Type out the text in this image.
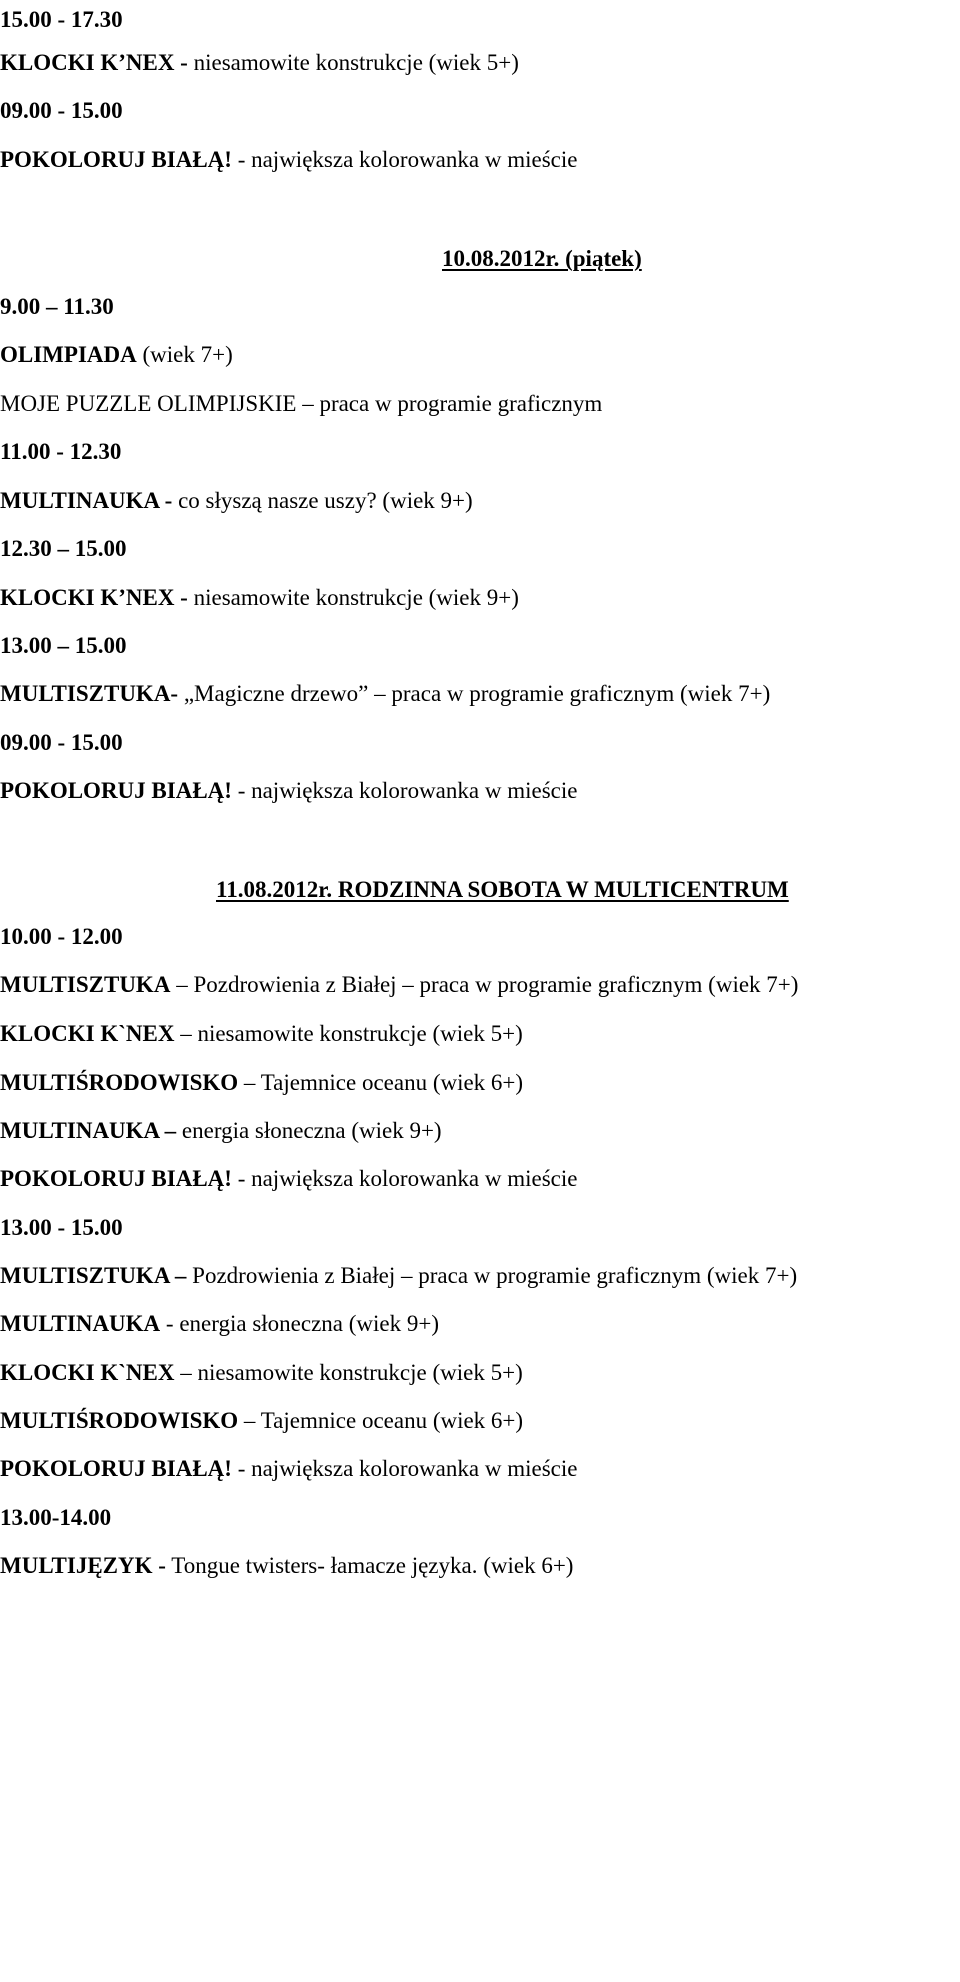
15.00 - 17.30
KLOCKI K’NEX - niesamowite konstrukcje (wiek 5+)
09.00 - 15.00
POKOLORUJ BIAŁĄ! - największa kolorowanka w mieście
10.08.2012r. (piątek)
9.00 – 11.30
OLIMPIADA (wiek 7+)
MOJE PUZZLE OLIMPIJSKIE – praca w programie graficznym
11.00 - 12.30
MULTINAUKA - co słyszą nasze uszy? (wiek 9+)
12.30 – 15.00
KLOCKI K’NEX - niesamowite konstrukcje (wiek 9+)
13.00 – 15.00
MULTISZTUKA- „Magiczne drzewo” – praca w programie graficznym (wiek 7+)
09.00 - 15.00
POKOLORUJ BIAŁĄ! - największa kolorowanka w mieście
11.08.2012r. RODZINNA SOBOTA W MULTICENTRUM
10.00 - 12.00
MULTISZTUKA – Pozdrowienia z Białej – praca w programie graficznym (wiek 7+)
KLOCKI K`NEX – niesamowite konstrukcje (wiek 5+)
MULTIŚRODOWISKO – Tajemnice oceanu (wiek 6+)
MULTINAUKA – energia słoneczna (wiek 9+)
POKOLORUJ BIAŁĄ! - największa kolorowanka w mieście
13.00 - 15.00
MULTISZTUKA – Pozdrowienia z Białej – praca w programie graficznym (wiek 7+)
MULTINAUKA - energia słoneczna (wiek 9+)
KLOCKI K`NEX – niesamowite konstrukcje (wiek 5+)
MULTIŚRODOWISKO – Tajemnice oceanu (wiek 6+)
POKOLORUJ BIAŁĄ! - największa kolorowanka w mieście
13.00-14.00
MULTIJĘZYK - Tongue twisters- łamacze języka. (wiek 6+)
